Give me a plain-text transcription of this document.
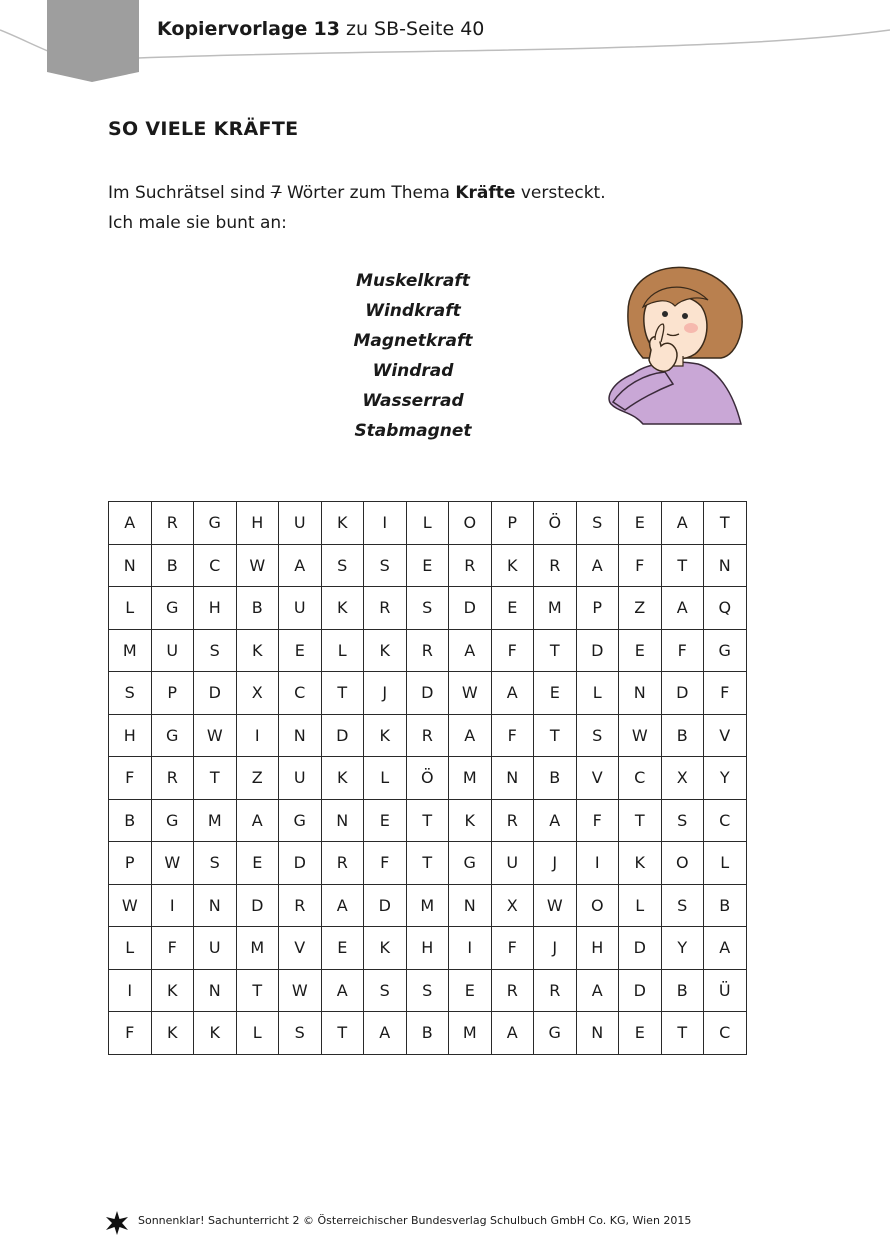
Kopiervorlage 13 zu SB-Seite 40
SO VIELE KRÄFTE
Im Suchrätsel sind 7 Wörter zum Thema Kräfte versteckt.
Ich male sie bunt an:
Muskelkraft
Windkraft
Magnetkraft
Windrad
Wasserrad
Stabmagnet
A	R	G	H	U	K	I	L	O	P	Ö	S	E	A	T
N	B	C	W	A	S	S	E	R	K	R	A	F	T	N
L	G	H	B	U	K	R	S	D	E	M	P	Z	A	Q
M	U	S	K	E	L	K	R	A	F	T	D	E	F	G
S	P	D	X	C	T	J	D	W	A	E	L	N	D	F
H	G	W	I	N	D	K	R	A	F	T	S	W	B	V
F	R	T	Z	U	K	L	Ö	M	N	B	V	C	X	Y
B	G	M	A	G	N	E	T	K	R	A	F	T	S	C
P	W	S	E	D	R	F	T	G	U	J	I	K	O	L
W	I	N	D	R	A	D	M	N	X	W	O	L	S	B
L	F	U	M	V	E	K	H	I	F	J	H	D	Y	A
I	K	N	T	W	A	S	S	E	R	R	A	D	B	Ü
F	K	K	L	S	T	A	B	M	A	G	N	E	T	C
Sonnenklar! Sachunterricht 2 © Österreichischer Bundesverlag Schulbuch GmbH Co. KG, Wien 2015
